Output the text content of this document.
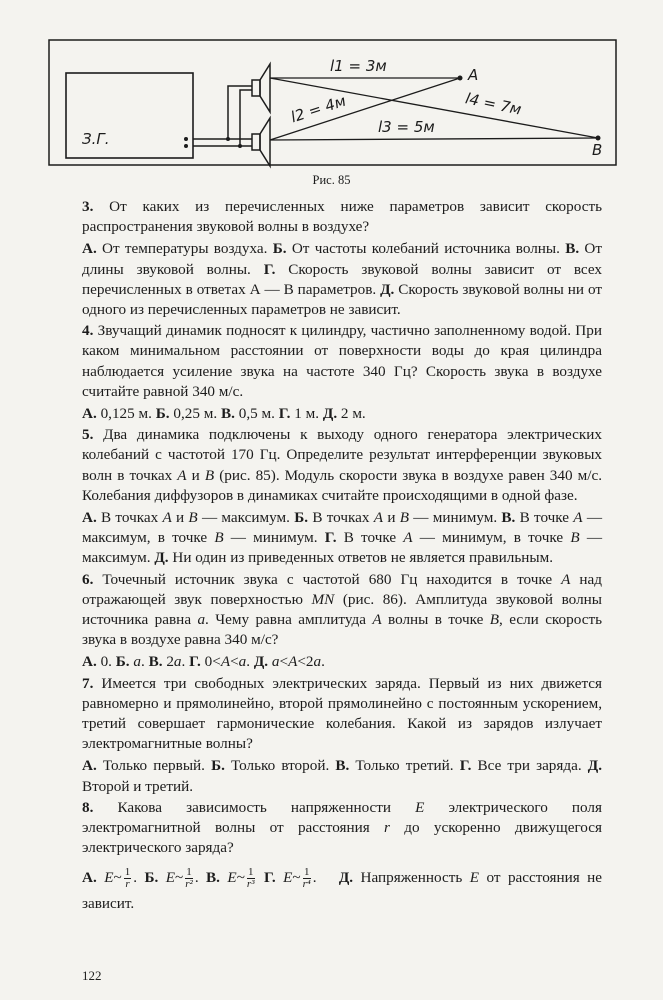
З.Г.
A
B
l1 = 3м
l2 = 4м
l3 = 5м
l4 = 7м
Рис. 85

3. От каких из перечисленных ниже параметров зависит скорость распространения звуковой волны в воздухе?

А. От температуры воздуха. Б. От частоты колебаний источника волны. В. От длины звуковой волны. Г. Скорость звуковой волны зависит от всех перечисленных в ответах А — В параметров. Д. Скорость звуковой волны ни от одного из перечисленных параметров не зависит.

4. Звучащий динамик подносят к цилиндру, частично заполненному водой. При каком минимальном расстоянии от поверхности воды до края цилиндра наблюдается усиление звука на частоте 340 Гц? Скорость звука в воздухе считайте равной 340 м/с.

А. 0,125 м. Б. 0,25 м. В. 0,5 м. Г. 1 м. Д. 2 м.

5. Два динамика подключены к выходу одного генератора электрических колебаний с частотой 170 Гц. Определите результат интерференции звуковых волн в точках A и B (рис. 85). Модуль скорости звука в воздухе равен 340 м/с. Колебания диффузоров в динамиках считайте происходящими в одной фазе.

А. В точках A и B — максимум. Б. В точках A и B — минимум. В. В точке A — максимум, в точке B — минимум. Г. В точке A — минимум, в точке B — максимум. Д. Ни один из приведенных ответов не является правильным.

6. Точечный источник звука с частотой 680 Гц находится в точке A над отражающей звук поверхностью MN (рис. 86). Амплитуда звуковой волны источника равна a. Чему равна амплитуда A волны в точке B, если скорость звука в воздухе равна 340 м/с?

А. 0. Б. a. В. 2a. Г. 0<A<a. Д. a<A<2a.

7. Имеется три свободных электрических заряда. Первый из них движется равномерно и прямолинейно, второй прямолинейно с постоянным ускорением, третий совершает гармонические колебания. Какой из зарядов излучает электромагнитные волны?

А. Только первый. Б. Только второй. В. Только третий. Г. Все три заряда. Д. Второй и третий.

8. Какова зависимость напряженности E электрического поля электромагнитной волны от расстояния r до ускоренно движущегося электрического заряда?

А. E~ $\frac{1}{r}$ . Б. E~ $\frac{1}{\text{r²}}$ . В. E~ $\frac{1}{\text{r³}} Г$. E~ $\frac{1}{\text{r⁴}}$ .   Д. Напряженность E от расстояния не зависит.

122
